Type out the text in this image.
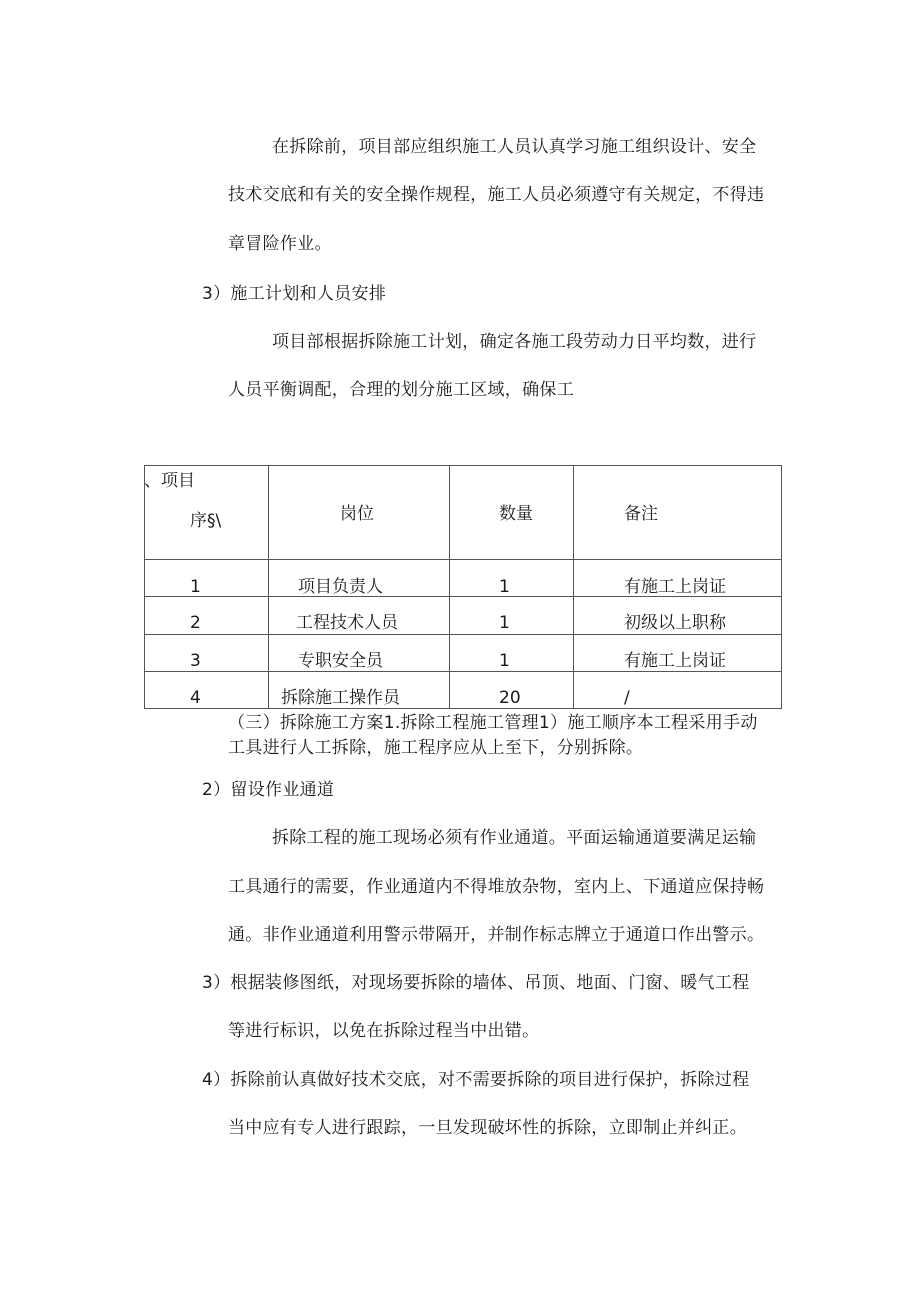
在拆除前，项目部应组织施工人员认真学习施工组织设计、安全
技术交底和有关的安全操作规程，施工人员必须遵守有关规定，不得违
章冒险作业。
3）施工计划和人员安排
项目部根据拆除施工计划，确定各施工段劳动力日平均数，进行
人员平衡调配，合理的划分施工区域，确保工
、项目
序§\	岗位	数量	备注
1	项目负责人	1	有施工上岗证
2	工程技术人员	1	初级以上职称
3	专职安全员	1	有施工上岗证
4	拆除施工操作员	20	/
（三）拆除施工方案1.拆除工程施工管理1）施工顺序本工程采用手动
工具进行人工拆除，施工程序应从上至下，分别拆除。
2）留设作业通道
拆除工程的施工现场必须有作业通道。平面运输通道要满足运输
工具通行的需要，作业通道内不得堆放杂物，室内上、下通道应保持畅
通。非作业通道利用警示带隔开，并制作标志牌立于通道口作出警示。
3）根据装修图纸，对现场要拆除的墙体、吊顶、地面、门窗、暖气工程
等进行标识，以免在拆除过程当中出错。
4）拆除前认真做好技术交底，对不需要拆除的项目进行保护，拆除过程
当中应有专人进行跟踪，一旦发现破坏性的拆除，立即制止并纠正。
